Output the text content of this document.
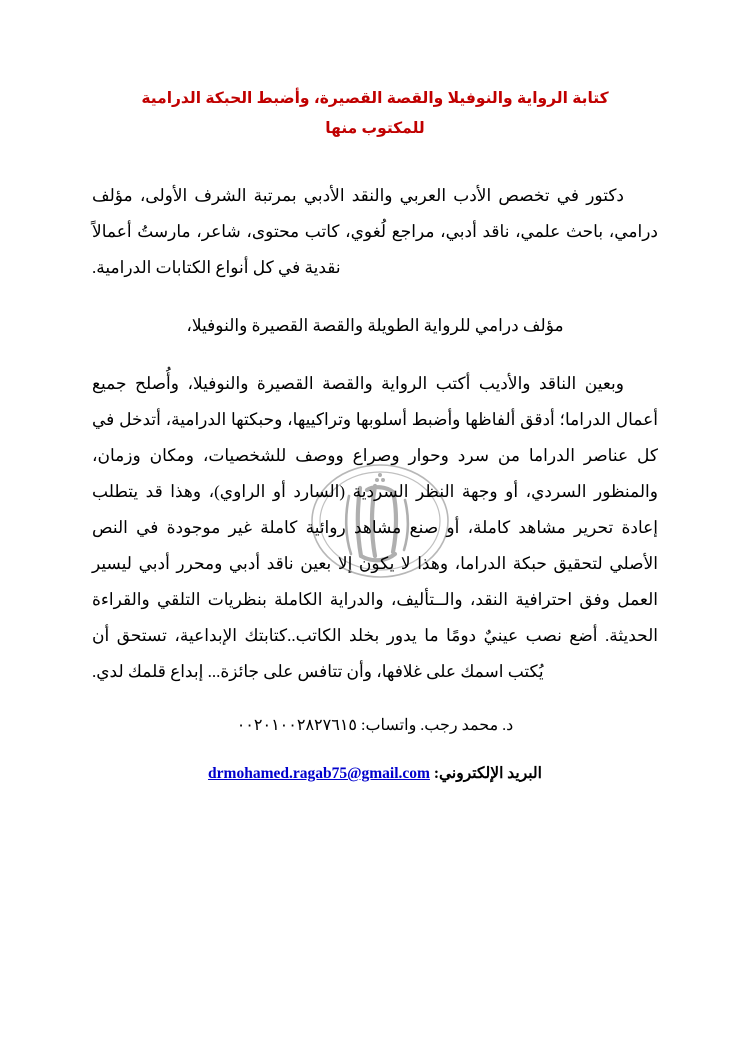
كتابة الرواية والنوفيلا والقصة القصيرة، وأضبط الحبكة الدرامية
للمكتوب منها

دكتور في تخصص الأدب العربي والنقد الأدبي بمرتبة الشرف الأولى، مؤلف درامي، باحث علمي، ناقد أدبي، مراجع لُغوي، كاتب محتوى، شاعر، مارستُ أعمالاً نقدية في كل أنواع الكتابات الدرامية.

مؤلف درامي للرواية الطويلة والقصة القصيرة والنوفيلا،

وبعين الناقد والأديب أكتب الرواية والقصة القصيرة والنوفيلا، وأُصلح جميع أعمال الدراما؛ أدقق ألفاظها وأضبط أسلوبها وتراكييها، وحبكتها الدرامية، أتدخل في كل عناصر الدراما من سرد وحوار وصراع ووصف للشخصيات، ومكان وزمان، والمنظور السردي، أو وجهة النظر السردية (السارد أو الراوي)، وهذا قد يتطلب إعادة تحرير مشاهد كاملة، أو صنع مشاهد روائية كاملة غير موجودة في النص الأصلي لتحقيق حبكة الدراما، وهذا لا يكون إلا بعين ناقد أدبي ومحرر أدبي ليسير العمل وفق احترافية النقد، والــتأليف، والدراية الكاملة بنظريات التلقي والقراءة الحديثة. أضع نصب عينيٌ دومًا ما يدور بخلد الكاتب..كتابتك الإبداعية، تستحق أن يُكتب اسمك على غلافها، وأن تتافس على جائزة... إبداع قلمك لدي.

د. محمد رجب. واتساب: ٠٠٢٠١٠٠٢٨٢٧٦١٥

البريد الإلكتروني: drmohamed.ragab75@gmail.com
